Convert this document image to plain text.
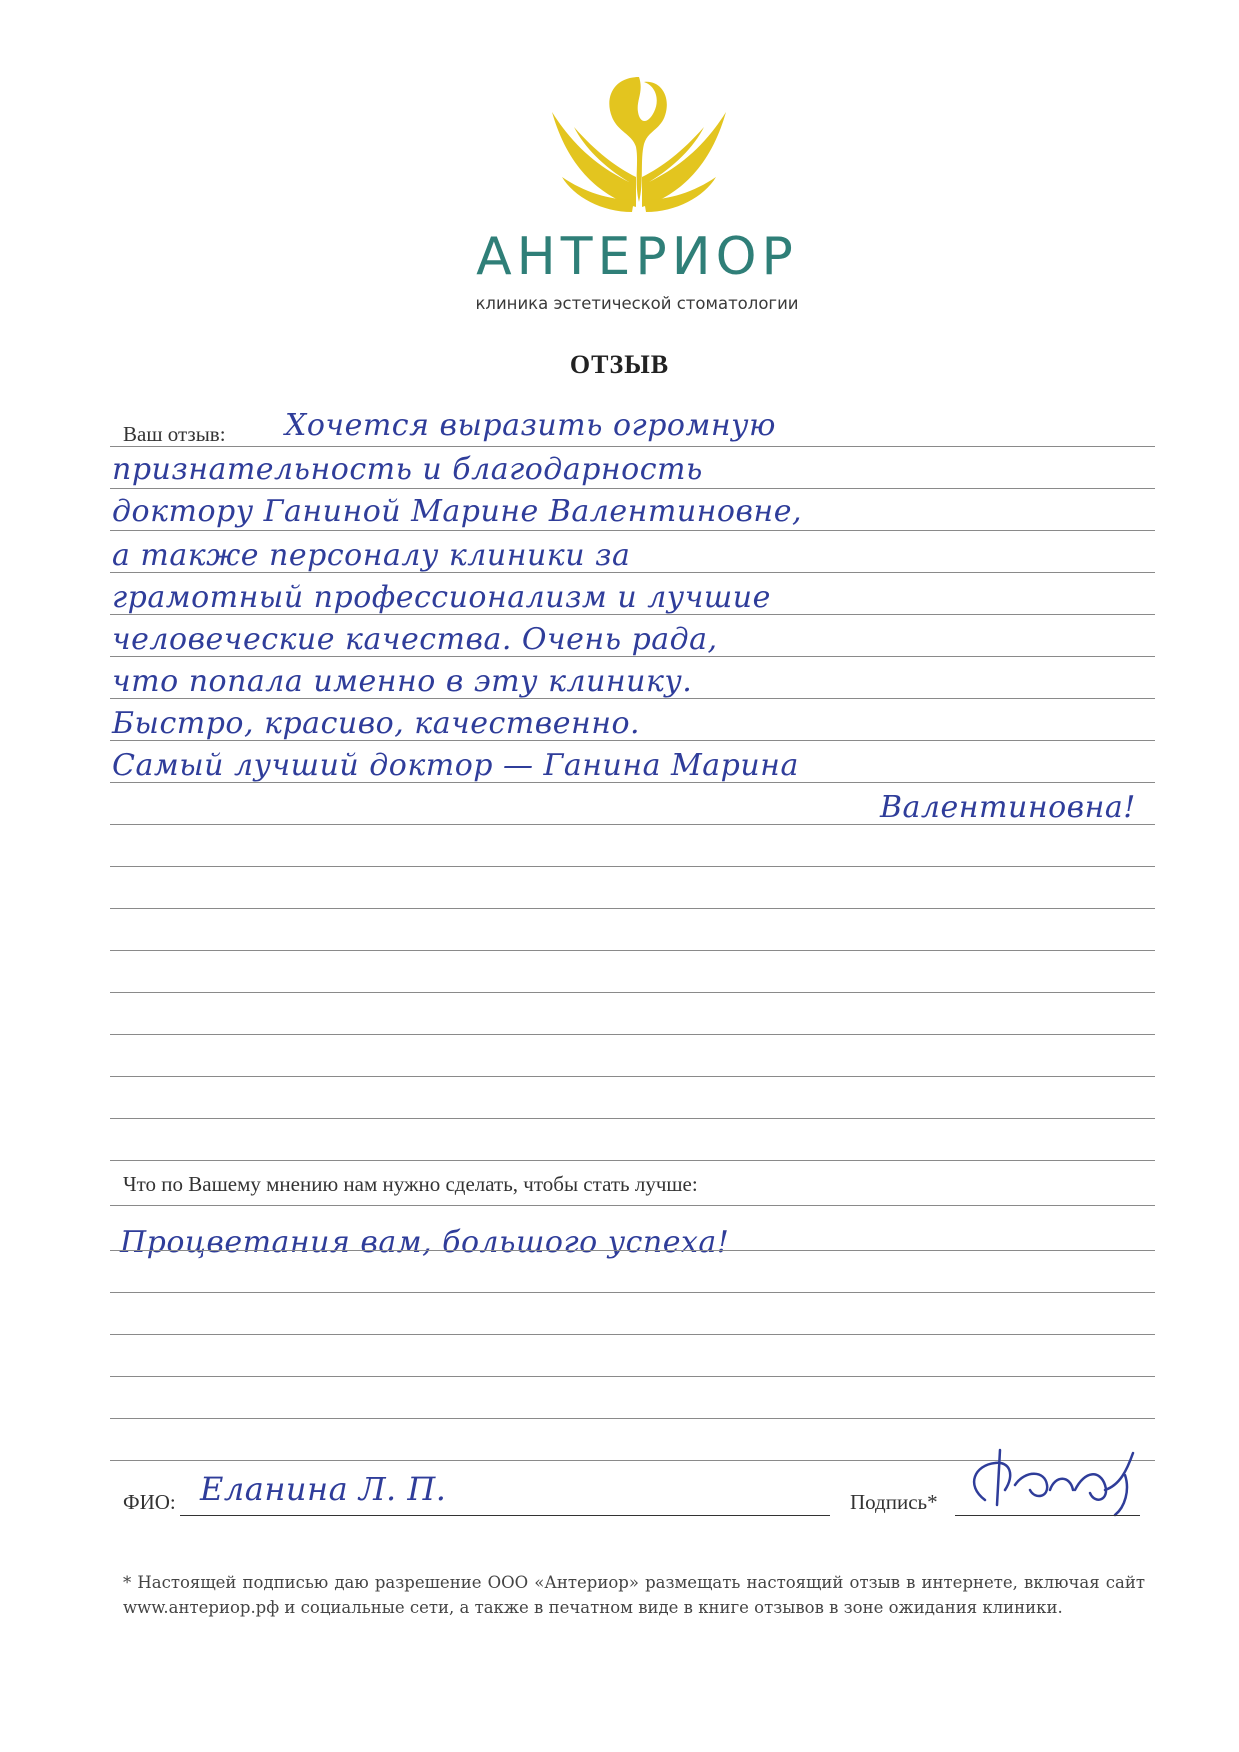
АНТЕРИОР
клиника эстетической стоматологии
ОТЗЫВ
Ваш отзыв: Хочется выразить огромную
признательность и благодарность
доктору Ганиной Марине Валентиновне,
а также персоналу клиники за
грамотный профессионализм и лучшие
человеческие качества. Очень рада,
что попала именно в эту клинику.
Быстро, красиво, качественно.
Самый лучший доктор — Ганина Марина
Валентиновна!
Что по Вашему мнению нам нужно сделать, чтобы стать лучше:
Процветания вам, большого успеха!
ФИО: Еланина Л. П.	Подпись*
* Настоящей подписью даю разрешение ООО «Антериор» размещать настоящий отзыв в интернете, включая сайт www.антериор.рф и социальные сети, а также в печатном виде в книге отзывов в зоне ожидания клиники.
